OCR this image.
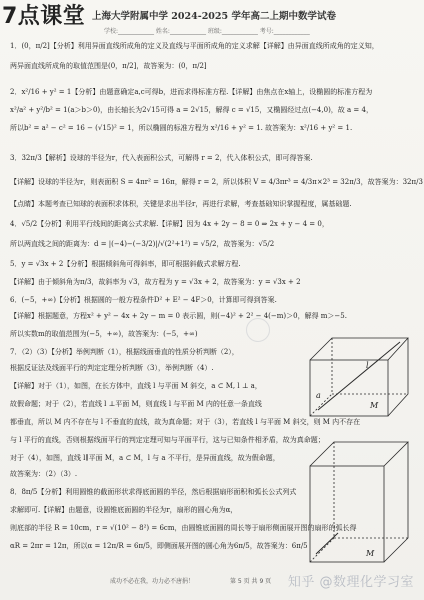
7点课堂 上海大学附属中学 2024-2025 学年高二上期中数学试卷
学校:____________ 姓名:____________ 班级:____________ 考号:____________
1．(0，π/2]【分析】利用异面直线所成角的定义及直线与平面所成角的定义求解【详解】由异面直线所成角的定义知，
两异面直线所成角的取值范围是(0，π/2]，故答案为：(0，π/2]
2．x²/16 + y² = 1【分析】由题意确定a,c可得b，进而求得标准方程.【详解】由焦点在x轴上，设椭圆的标准方程为
x²/a² + y²/b² = 1(a＞b＞0)，由长轴长为2√15可得 a = 2√15，解得 c = √15，又椭圆经过点(−4,0)，故 a = 4，
所以b² = a² − c² = 16 − (√15)² = 1，所以椭圆的标准方程为 x²/16 + y² = 1. 故答案为：x²/16 + y² = 1.
3．32π/3【解析】设球的半径为r，代入表面积公式，可解得 r = 2，代入体积公式，即可得答案.
【详解】设球的半径为r，则表面积 S = 4πr² = 16π，解得 r = 2，所以体积 V = 4/3πr³ = 4/3π×2³ = 32π/3，故答案为：32π/3
【点睛】本题考查已知球的表面积求体积，关键是求出半径r，再进行求解，考查基础知识掌握程度，属基础题.
4．√5/2【分析】利用平行线间的距离公式求解.【详解】因为 4x + 2y − 8 = 0 ⇒ 2x + y − 4 = 0，
所以两直线之间的距离为：d = |(−4)−(−3/2)|/√(2²+1²) = √5/2，故答案为：√5/2
5．y = √3x + 2【分析】根据倾斜角可得斜率，即可根据斜截式求解方程.
【详解】由于倾斜角为π/3，故斜率为 √3，故方程为 y = √3x + 2，故答案为：y = √3x + 2
6．(−5，+∞)【分析】根据圆的一般方程条件D² + E² − 4F＞0，计算即可得到答案.
【详解】根据题意，方程x² + y² − 4x + 2y − m = 0 表示圆，则(−4)² + 2² − 4(−m)＞0，解得 m＞−5.
所以实数m的取值范围为(−5，+∞)，故答案为：(−5，+∞)
7．（2）（3）【分析】举例判断（1），根据线面垂直的性质分析判断（2），
根据反证法及线面平行的判定定理分析判断（3），举例判断（4）.
【详解】对于（1），如图，在长方体中，直线 l 与平面 M 斜交，a ⊂ M, l ⊥ a，
故假命题；对于（2），若直线 l ⊥平面 M，则直线 l 与平面 M 内的任意一条直线
都垂直，所以 M 内不存在与 l 不垂直的直线，故为真命题；对于（3），若直线 l 与平面 M 斜交，则 M 内不存在
与 l 平行的直线，否则根据线面平行的判定定理可知与平面平行，这与已知条件相矛盾，故为真命题；
对于（4），如图，直线 l∥平面 M，a ⊂ M，l 与 a 不平行，是异面直线，故为假命题，
故答案为：（2）（3）.
8．8π/5【分析】利用圆锥的截面形状求得底面圆的半径，然后根据扇形面积和弧长公式列式
求解即可.【详解】由题意，设圆锥底面圆的半径为r，扇形的圆心角为α，
则底部的半径 R = 10cm，r = √(10² − 8²) = 6cm，由圆锥底面圆的周长等于扇形侧面展开图的扇形的弧长得
αR = 2πr = 12π，所以α = 12π/R = 6π/5，即侧面展开图的圆心角为6π/5，故答案为：6π/5
l
a
M
M
成功不必在我，功力必不唐捐！	第 5 页 共 9 页 知乎 @数理化学习室
